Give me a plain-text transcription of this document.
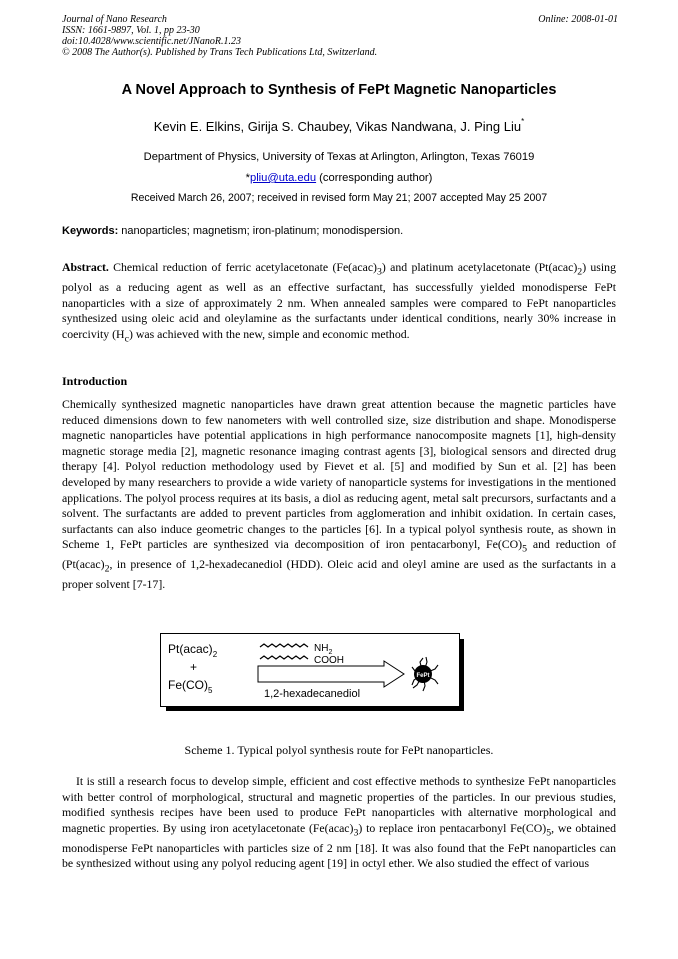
Journal of Nano Research
ISSN: 1661-9897, Vol. 1, pp 23-30
doi:10.4028/www.scientific.net/JNanoR.1.23
© 2008 The Author(s). Published by Trans Tech Publications Ltd, Switzerland.
Online: 2008-01-01
A Novel Approach to Synthesis of FePt Magnetic Nanoparticles
Kevin E. Elkins, Girija S. Chaubey, Vikas Nandwana, J. Ping Liu*
Department of Physics, University of Texas at Arlington, Arlington, Texas 76019
*pliu@uta.edu (corresponding author)
Received March 26, 2007; received in revised form May 21; 2007 accepted May 25 2007
Keywords: nanoparticles; magnetism; iron-platinum; monodispersion.
Abstract. Chemical reduction of ferric acetylacetonate $(Fe(acac)_3)$ and platinum acetylacetonate $(Pt(acac)_2)$ using polyol as a reducing agent as well as an effective surfactant, has successfully yielded monodisperse FePt nanoparticles with a size of approximately 2 nm. When annealed samples were compared to FePt nanoparticles synthesized using oleic acid and oleylamine as the surfactants under identical conditions, nearly 30% increase in coercivity $(H_c)$ was achieved with the new, simple and economic method.
Introduction
Chemically synthesized magnetic nanoparticles have drawn great attention because the magnetic particles have reduced dimensions down to few nanometers with well controlled size, size distribution and shape. Monodisperse magnetic nanoparticles have potential applications in high performance nanocomposite magnets [1], high-density magnetic storage media [2], magnetic resonance imaging contrast agents [3], biological sensors and directed drug therapy [4]. Polyol reduction methodology used by Fievet et al. [5] and modified by Sun et al. [2] has been developed by many researchers to provide a wide variety of nanoparticle systems for investigations in the mentioned applications. The polyol process requires at its basis, a diol as reducing agent, metal salt precursors, surfactants and a solvent. The surfactants are added to prevent particles from agglomeration and inhibit oxidation. In certain cases, surfactants can also induce geometric changes to the particles [6]. In a typical polyol synthesis route, as shown in Scheme 1, FePt particles are synthesized via decomposition of iron pentacarbonyl, $Fe(CO)_5$ and reduction of ($Pt(acac)_2$, in presence of 1,2-hexadecanediol (HDD). Oleic acid and oleyl amine are used as the surfactants in a proper solvent [7-17].
$Pt(acac)_2$
+
$Fe(CO)_5$
$NH_2$
COOH
1,2-hexadecanediol
FePt
Scheme 1. Typical polyol synthesis route for FePt nanoparticles.
It is still a research focus to develop simple, efficient and cost effective methods to synthesize FePt nanoparticles with better control of morphological, structural and magnetic properties of the particles. In our previous studies, modified synthesis recipes have been used to produce FePt nanoparticles with alternative morphological and magnetic properties. By using iron acetylacetonate $(Fe(acac)_3)$ to replace iron pentacarbonyl $Fe(CO)_5$, we obtained monodisperse FePt nanoparticles with particles size of 2 nm [18]. It was also found that the FePt nanoparticles can be synthesized without using any polyol reducing agent [19] in octyl ether. We also studied the effect of various
